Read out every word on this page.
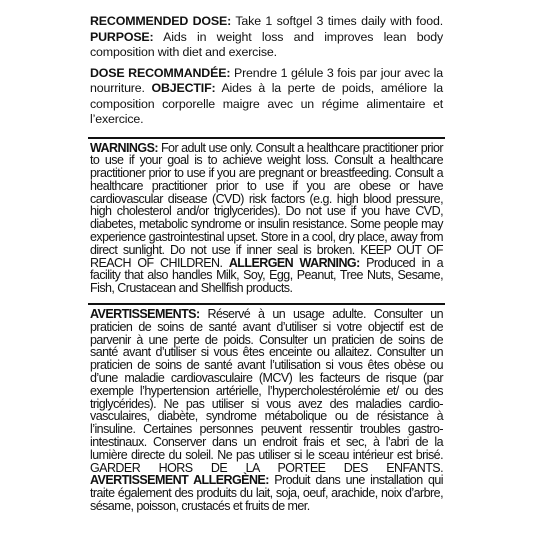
RECOMMENDED DOSE: Take 1 softgel 3 times daily with food. PURPOSE: Aids in weight loss and improves lean body composition with diet and exercise.

DOSE RECOMMANDÉE: Prendre 1 gélule 3 fois par jour avec la nourriture. OBJECTIF: Aides à la perte de poids, améliore la composition corporelle maigre avec un régime alimentaire et l’exercice.

WARNINGS: For adult use only. Consult a healthcare practitioner prior to use if your goal is to achieve weight loss. Consult a healthcare practitioner prior to use if you are pregnant or breastfeeding. Consult a healthcare practitioner prior to use if you are obese or have cardiovascular disease (CVD) risk factors (e.g. high blood pressure, high cholesterol and/or triglycerides). Do not use if you have CVD, diabetes, metabolic syndrome or insulin resistance. Some people may experience gastrointestinal upset. Store in a cool, dry place, away from direct sunlight. Do not use if inner seal is broken. KEEP OUT OF REACH OF CHILDREN. ALLERGEN WARNING: Produced in a facility that also handles Milk, Soy, Egg, Peanut, Tree Nuts, Sesame, Fish, Crustacean and Shellfish products.

AVERTISSEMENTS: Réservé à un usage adulte. Consulter un praticien de soins de santé avant d’utiliser si votre objectif est de parvenir à une perte de poids. Consulter un praticien de soins de santé avant d’utiliser si vous êtes enceinte ou allaitez. Consulter un praticien de soins de santé avant l’utilisation si vous êtes obèse ou d’une maladie cardiovasculaire (MCV) les facteurs de risque (par exemple l’hypertension artérielle, l’hypercholestérolémie et/ ou des triglycérides). Ne pas utiliser si vous avez des maladies cardio-vasculaires, diabète, syndrome métabolique ou de résistance à l’insuline. Certaines personnes peuvent ressentir troubles gastro-intestinaux. Conserver dans un endroit frais et sec, à l’abri de la lumière directe du soleil. Ne pas utiliser si le sceau intérieur est brisé. GARDER HORS DE LA PORTEE DES ENFANTS. AVERTISSEMENT ALLERGÈNE: Produit dans une installation qui traite également des produits du lait, soja, oeuf, arachide, noix d’arbre, sésame, poisson, crustacés et fruits de mer.
